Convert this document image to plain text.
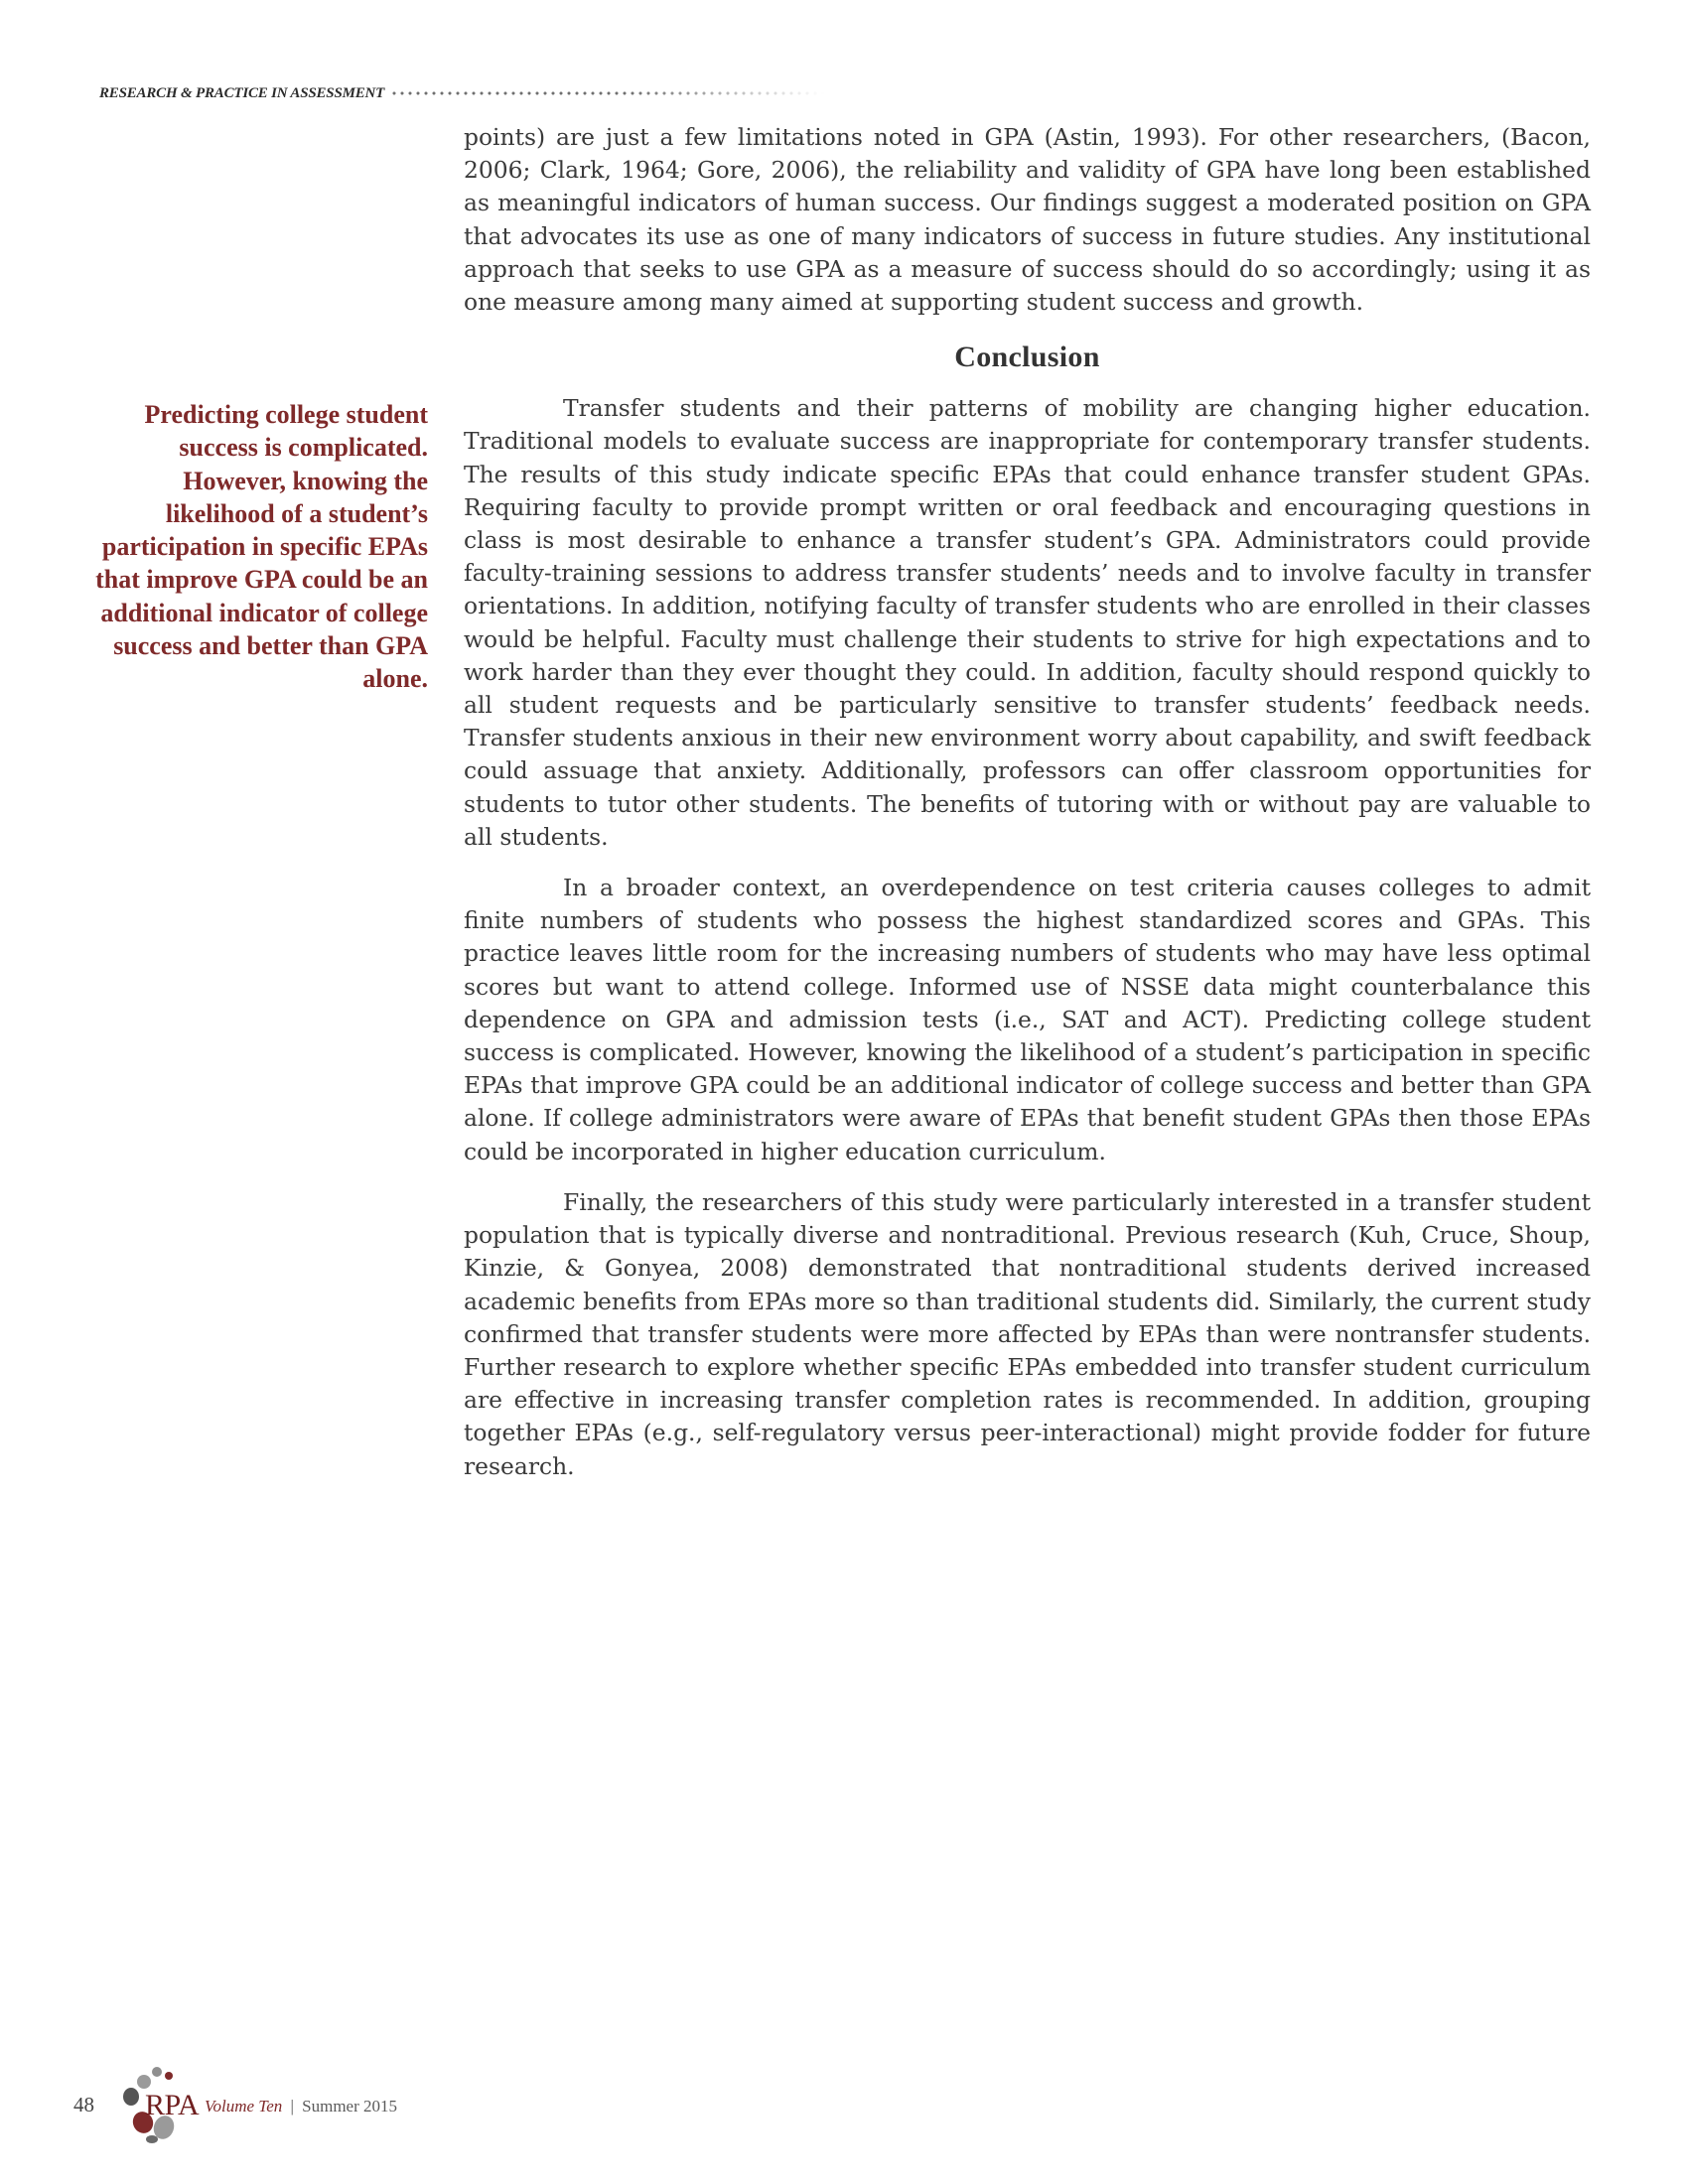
RESEARCH & PRACTICE IN ASSESSMENT
Predicting college student success is complicated. However, knowing the likelihood of a student’s participation in specific EPAs that improve GPA could be an additional indicator of college success and better than GPA alone.

points) are just a few limitations noted in GPA (Astin, 1993). For other researchers, (Bacon, 2006; Clark, 1964; Gore, 2006), the reliability and validity of GPA have long been established as meaningful indicators of human success. Our findings suggest a moderated position on GPA that advocates its use as one of many indicators of success in future studies. Any institutional approach that seeks to use GPA as a measure of success should do so accordingly; using it as one measure among many aimed at supporting student success and growth.

Conclusion

Transfer students and their patterns of mobility are changing higher education. Traditional models to evaluate success are inappropriate for contemporary transfer students. The results of this study indicate specific EPAs that could enhance transfer student GPAs. Requiring faculty to provide prompt written or oral feedback and encouraging questions in class is most desirable to enhance a transfer student’s GPA. Administrators could provide faculty-training sessions to address transfer students’ needs and to involve faculty in transfer orientations. In addition, notifying faculty of transfer students who are enrolled in their classes would be helpful. Faculty must challenge their students to strive for high expectations and to work harder than they ever thought they could. In addition, faculty should respond quickly to all student requests and be particularly sensitive to transfer students’ feedback needs. Transfer students anxious in their new environment worry about capability, and swift feedback could assuage that anxiety. Additionally, professors can offer classroom opportunities for students to tutor other students. The benefits of tutoring with or without pay are valuable to all students.

In a broader context, an overdependence on test criteria causes colleges to admit finite numbers of students who possess the highest standardized scores and GPAs. This practice leaves little room for the increasing numbers of students who may have less optimal scores but want to attend college. Informed use of NSSE data might counterbalance this dependence on GPA and admission tests (i.e., SAT and ACT). Predicting college student success is complicated. However, knowing the likelihood of a student’s participation in specific EPAs that improve GPA could be an additional indicator of college success and better than GPA alone. If college administrators were aware of EPAs that benefit student GPAs then those EPAs could be incorporated in higher education curriculum.

Finally, the researchers of this study were particularly interested in a transfer student population that is typically diverse and nontraditional. Previous research (Kuh, Cruce, Shoup, Kinzie, & Gonyea, 2008) demonstrated that nontraditional students derived increased academic benefits from EPAs more so than traditional students did. Similarly, the current study confirmed that transfer students were more affected by EPAs than were nontransfer students. Further research to explore whether specific EPAs embedded into transfer student curriculum are effective in increasing transfer completion rates is recommended. In addition, grouping together EPAs (e.g., self-regulatory versus peer-interactional) might provide fodder for future research.

48 RPA Volume Ten | Summer 2015
